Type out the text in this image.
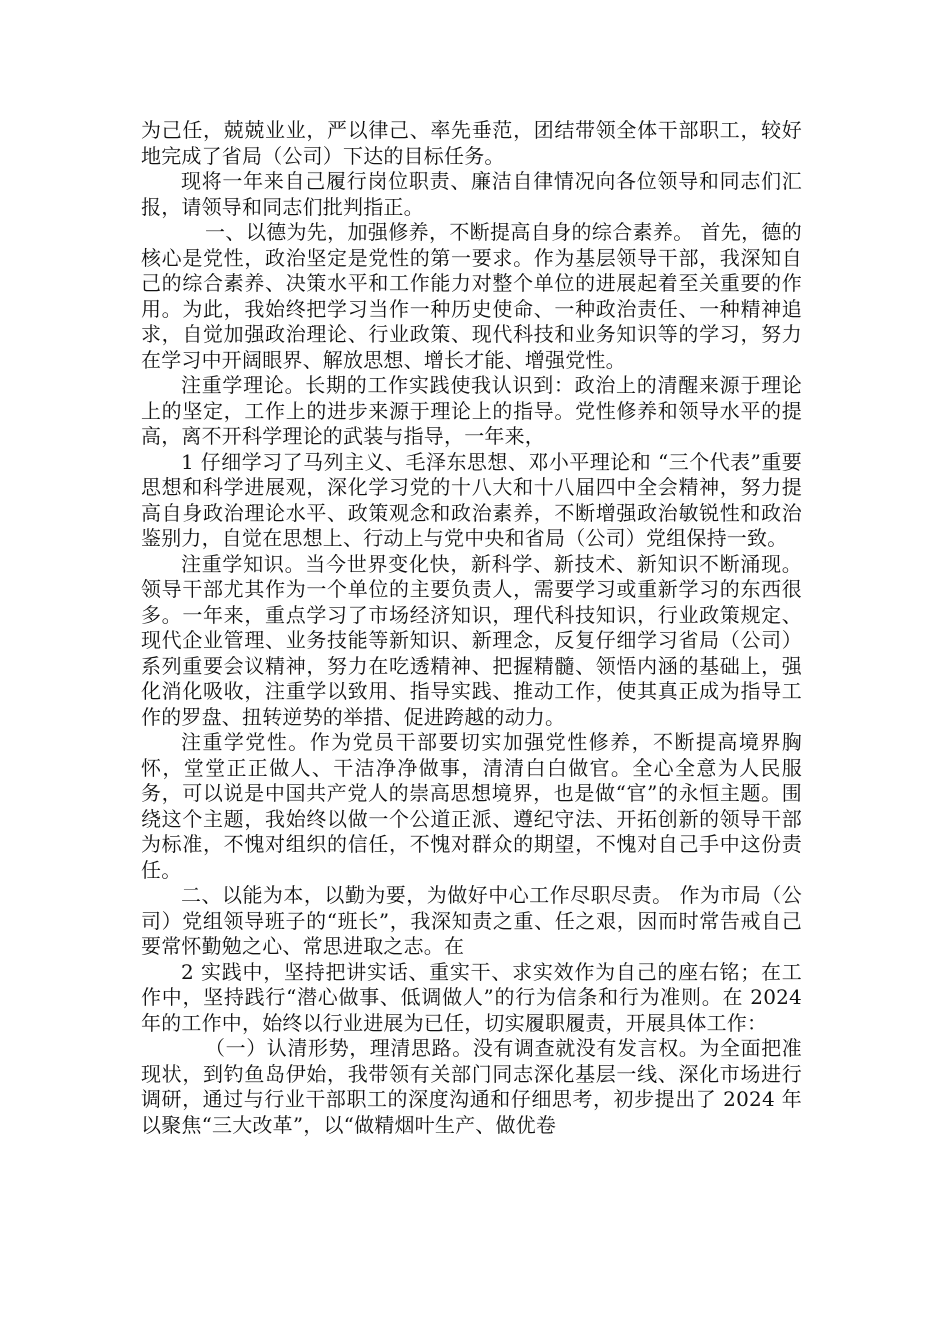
为己任，兢兢业业，严以律己、率先垂范，团结带领全体干部职工，较好地完成了省局（公司）下达的目标任务。

现将一年来自己履行岗位职责、廉洁自律情况向各位领导和同志们汇报，请领导和同志们批判指正。

一、以德为先，加强修养，不断提高自身的综合素养。 首先，德的核心是党性，政治坚定是党性的第一要求。作为基层领导干部，我深知自己的综合素养、决策水平和工作能力对整个单位的进展起着至关重要的作用。为此，我始终把学习当作一种历史使命、一种政治责任、一种精神追求，自觉加强政治理论、行业政策、现代科技和业务知识等的学习，努力在学习中开阔眼界、解放思想、增长才能、增强党性。

注重学理论。长期的工作实践使我认识到：政治上的清醒来源于理论上的坚定，工作上的进步来源于理论上的指导。党性修养和领导水平的提高，离不开科学理论的武装与指导，一年来，

1 仔细学习了马列主义、毛泽东思想、邓小平理论和 “三个代表”重要思想和科学进展观，深化学习党的十八大和十八届四中全会精神，努力提高自身政治理论水平、政策观念和政治素养，不断增强政治敏锐性和政治鉴别力，自觉在思想上、行动上与党中央和省局（公司）党组保持一致。

注重学知识。当今世界变化快，新科学、新技术、新知识不断涌现。领导干部尤其作为一个单位的主要负责人，需要学习或重新学习的东西很多。一年来，重点学习了市场经济知识，理代科技知识，行业政策规定、现代企业管理、业务技能等新知识、新理念，反复仔细学习省局（公司）系列重要会议精神，努力在吃透精神、把握精髓、领悟内涵的基础上，强化消化吸收，注重学以致用、指导实践、推动工作，使其真正成为指导工作的罗盘、扭转逆势的举措、促进跨越的动力。

注重学党性。作为党员干部要切实加强党性修养，不断提高境界胸怀，堂堂正正做人、干洁净净做事，清清白白做官。全心全意为人民服务，可以说是中国共产党人的崇高思想境界，也是做“官”的永恒主题。围绕这个主题，我始终以做一个公道正派、遵纪守法、开拓创新的领导干部为标准，不愧对组织的信任，不愧对群众的期望，不愧对自己手中这份责任。

二、以能为本，以勤为要，为做好中心工作尽职尽责。 作为市局（公司）党组领导班子的“班长”，我深知责之重、任之艰，因而时常告戒自己要常怀勤勉之心、常思进取之志。在

2 实践中，坚持把讲实话、重实干、求实效作为自己的座右铭；在工作中，坚持践行“潜心做事、低调做人”的行为信条和行为准则。在 2024 年的工作中，始终以行业进展为已任，切实履职履责，开展具体工作：

（一）认清形势，理清思路。没有调查就没有发言权。为全面把准现状，到钓鱼岛伊始，我带领有关部门同志深化基层一线、深化市场进行调研，通过与行业干部职工的深度沟通和仔细思考，初步提出了 2024 年以聚焦“三大改革”，以“做精烟叶生产、做优卷
